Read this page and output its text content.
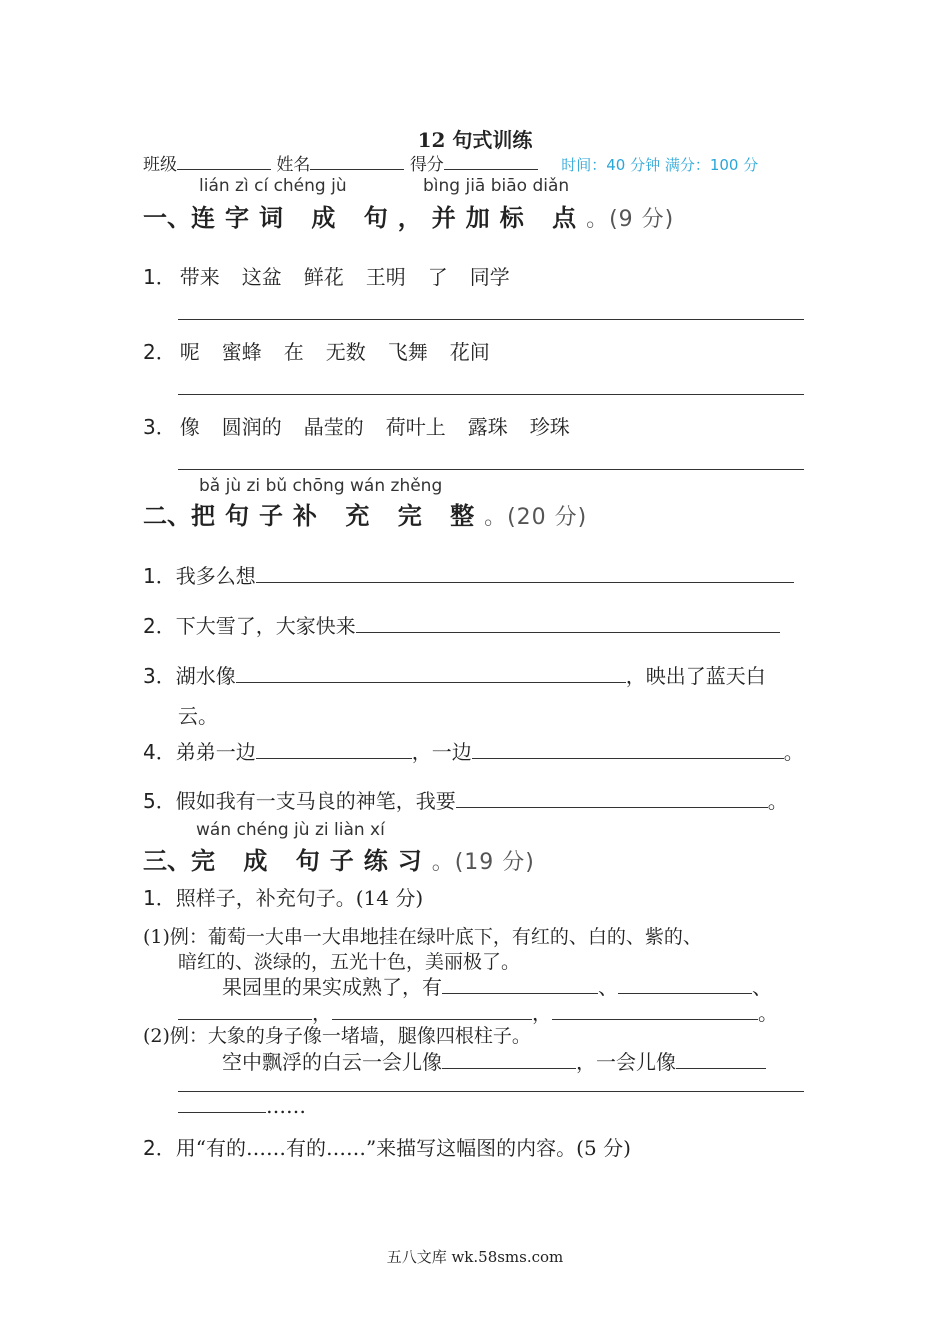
12 句式训练
班级	姓名	得分	时间：40 分钟 满分：100 分
lián zì cí chéng jù	bìng jiā biāo diǎn
一、连字词 成 句，并加标 点。(9 分)
1． 带来 这盆 鲜花 王明 了 同学
2． 呢 蜜蜂 在 无数 飞舞 花间
3． 像 圆润的 晶莹的 荷叶上 露珠 珍珠
bǎ jù zi bǔ chōng wán zhěng
二、把句子补 充 完 整。(20 分)
1．我多么想
2．下大雪了，大家快来
3．湖水像	，映出了蓝天白
云。
4．弟弟一边	，一边	。
5．假如我有一支马良的神笔，我要	。
wán chéng jù zi liàn xí
三、完 成 句子练习。(19 分)
1．照样子，补充句子。(14 分)
(1)例：葡萄一大串一大串地挂在绿叶底下，有红的、白的、紫的、
暗红的、淡绿的，五光十色，美丽极了。
果园里的果实成熟了，有	、	、
，	，	。
(2)例：大象的身子像一堵墙，腿像四根柱子。
空中飘浮的白云一会儿像	，一会儿像
……
2．用“有的……有的……”来描写这幅图的内容。(5 分)
五八文库 wk.58sms.com
